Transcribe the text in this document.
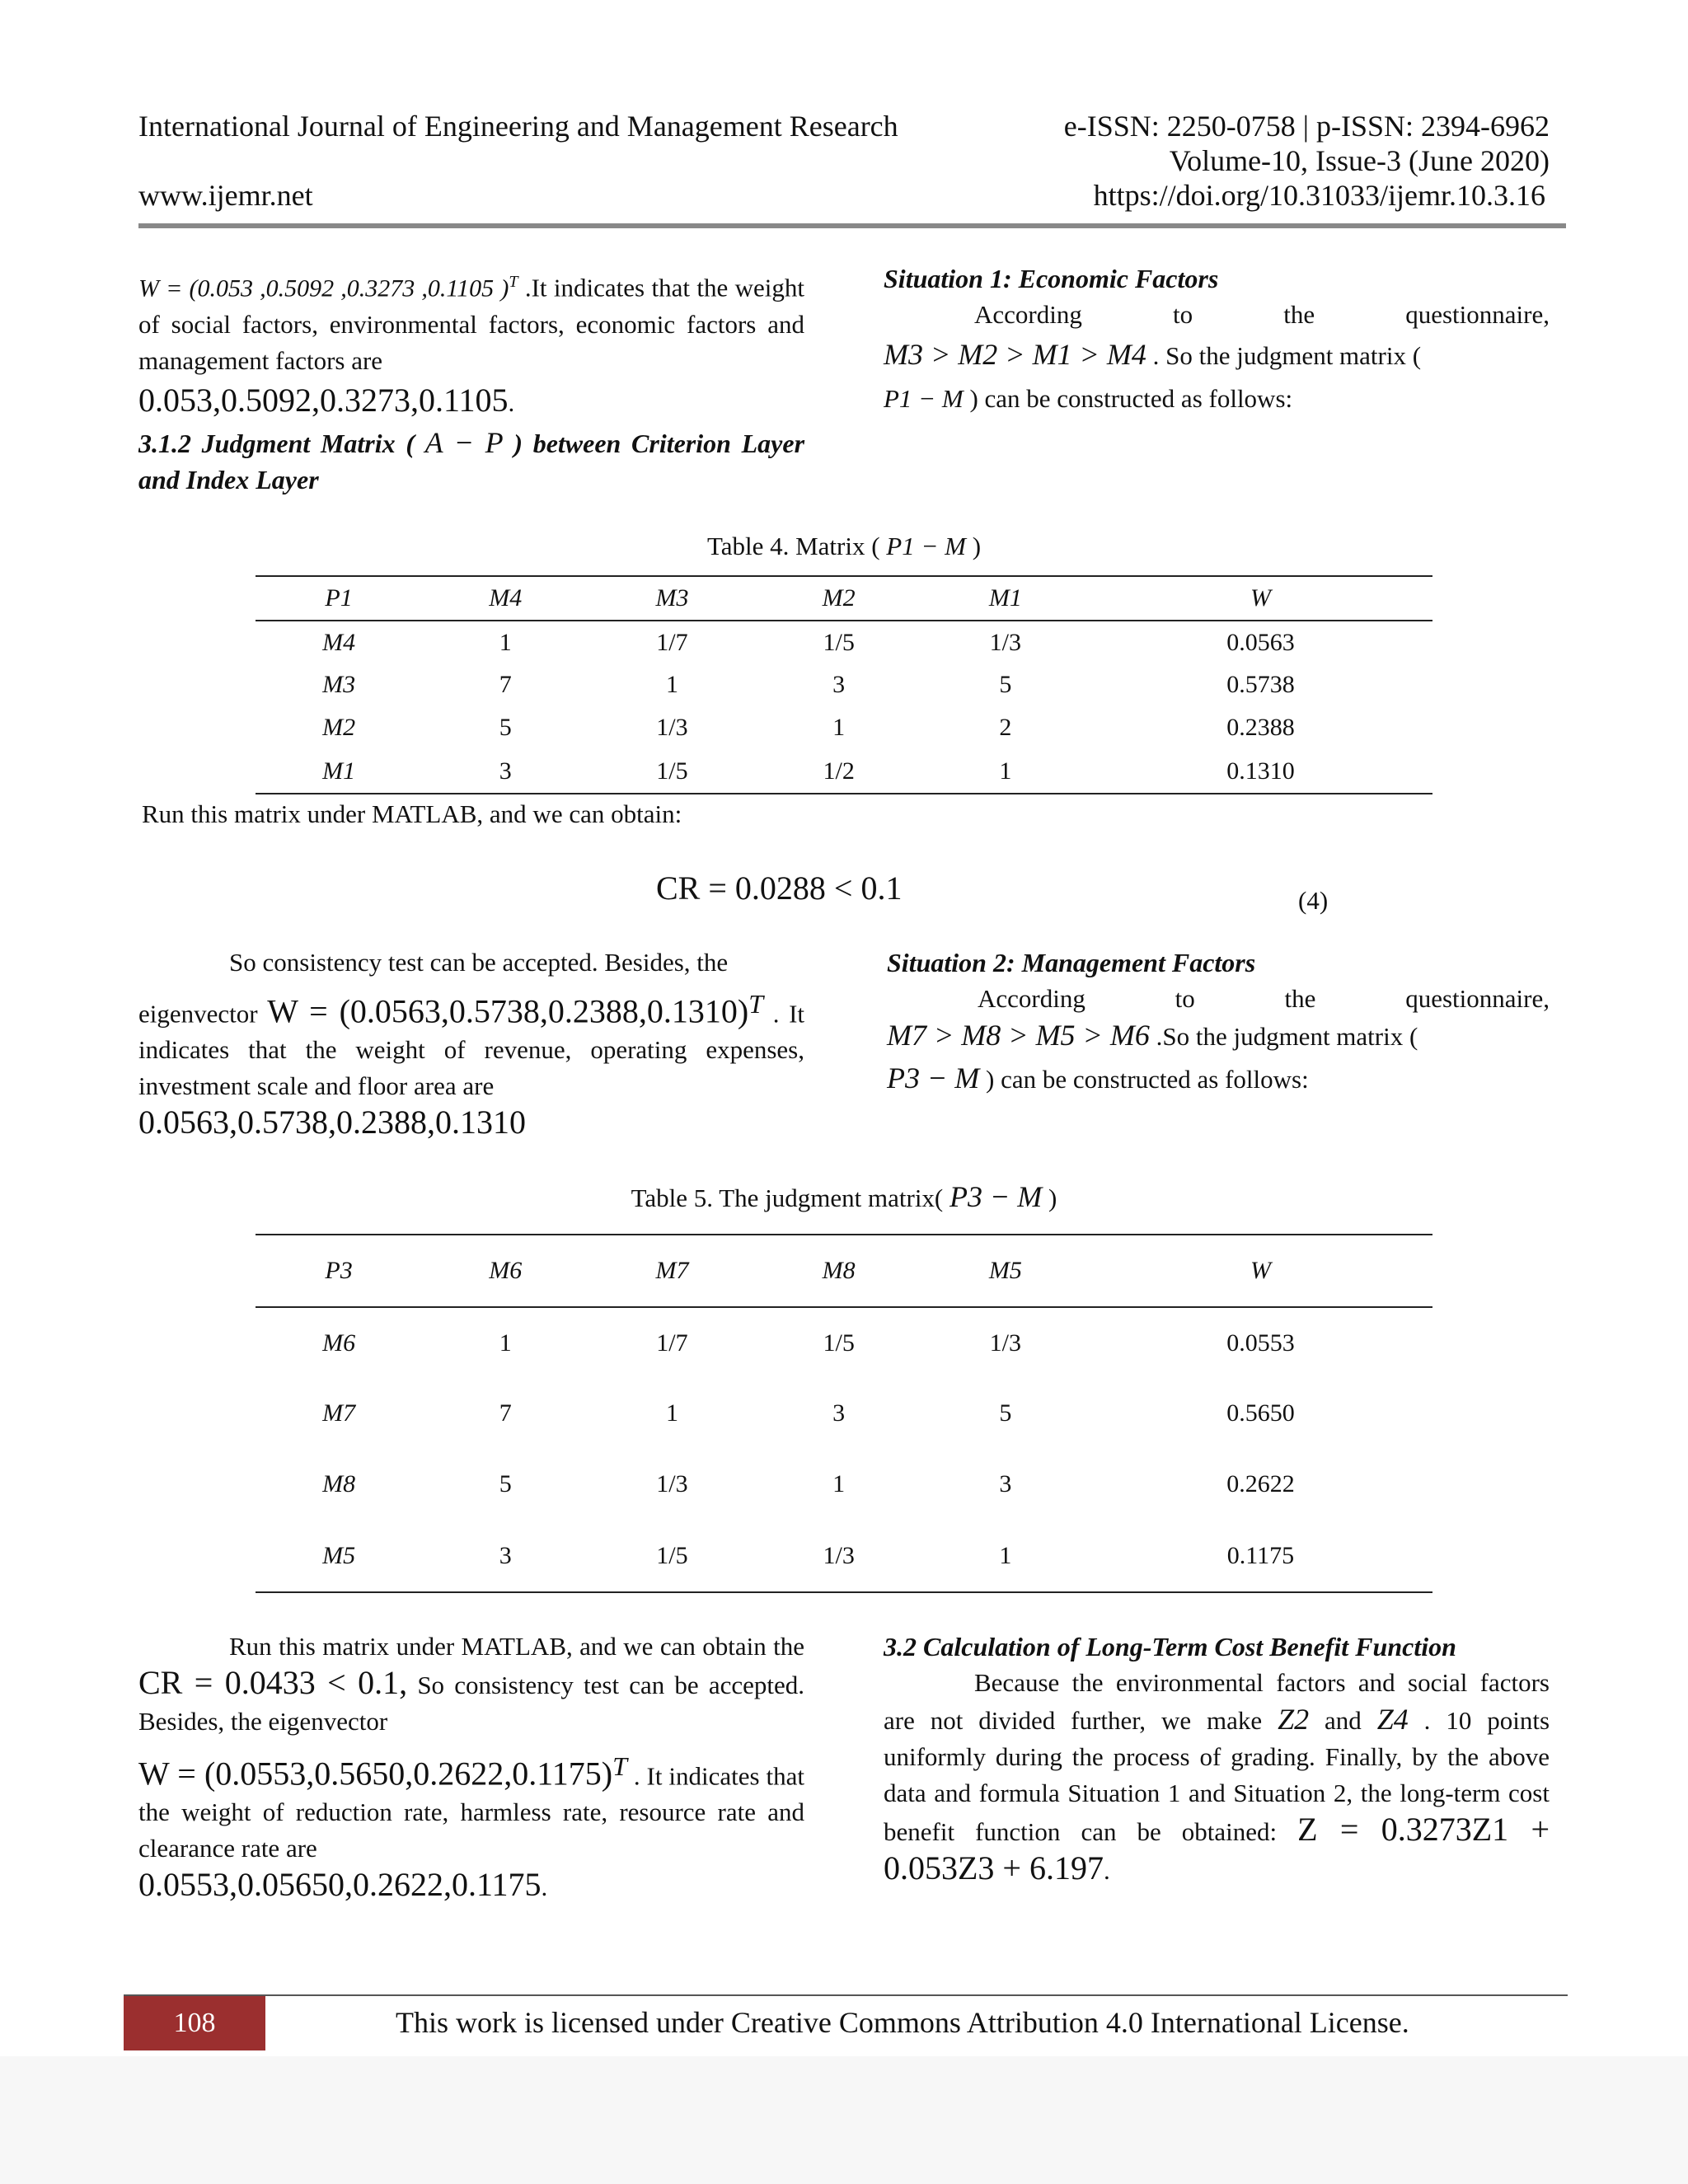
International Journal of Engineering and Management Research	e-ISSN: 2250-0758 | p-ISSN: 2394-6962
Volume-10, Issue-3 (June 2020)
www.ijemr.net	https://doi.org/10.31033/ijemr.10.3.16

W = (0.053 ,0.5092 ,0.3273 ,0.1105 )$^T$ .It indicates that the weight of social factors, environmental factors, economic factors and management factors are

0.053,0.5092,0.3273,0.1105.

3.1.2 Judgment Matrix ( A − P ) between Criterion Layer and Index Layer

Situation 1: Economic Factors

According to the questionnaire,

M3 > M2 > M1 > M4 . So the judgment matrix (

P1 − M ) can be constructed as follows:

Table 4. Matrix ( P1 − M )
P1	M4	M3	M2	M1	W
M4	1	1/7	1/5	1/3	0.0563
M3	7	1	3	5	0.5738
M2	5	1/3	1	2	0.2388
M1	3	1/5	1/2	1	0.1310
Run this matrix under MATLAB, and we can obtain:
CR = 0.0288 < 0.1	(4)

So consistency test can be accepted. Besides, the

eigenvector $W = (0.0563,0.5738,0.2388,0.1310)^T$ . It indicates that the weight of revenue, operating expenses, investment scale and floor area are

0.0563,0.5738,0.2388,0.1310

Situation 2: Management Factors

According to the questionnaire,

M7 > M8 > M5 > M6 .So the judgment matrix (

P3 − M ) can be constructed as follows:

Table 5. The judgment matrix( P3 − M )
P3	M6	M7	M8	M5	W
M6	1	1/7	1/5	1/3	0.0553
M7	7	1	3	5	0.5650
M8	5	1/3	1	3	0.2622
M5	3	1/5	1/3	1	0.1175

Run this matrix under MATLAB, and we can obtain the CR = 0.0433 < 0.1, So consistency test can be accepted. Besides, the eigenvector

$W = (0.0553,0.5650,0.2622,0.1175)^T$ . It indicates that the weight of reduction rate, harmless rate, resource rate and clearance rate are

0.0553,0.05650,0.2622,0.1175.

3.2 Calculation of Long-Term Cost Benefit Function

Because the environmental factors and social factors are not divided further, we make Z2 and Z4 . 10 points uniformly during the process of grading. Finally, by the above data and formula Situation 1 and Situation 2, the long-term cost benefit function can be obtained: Z = 0.3273Z1 + 0.053Z3 + 6.197.

108	This work is licensed under Creative Commons Attribution 4.0 International License.
